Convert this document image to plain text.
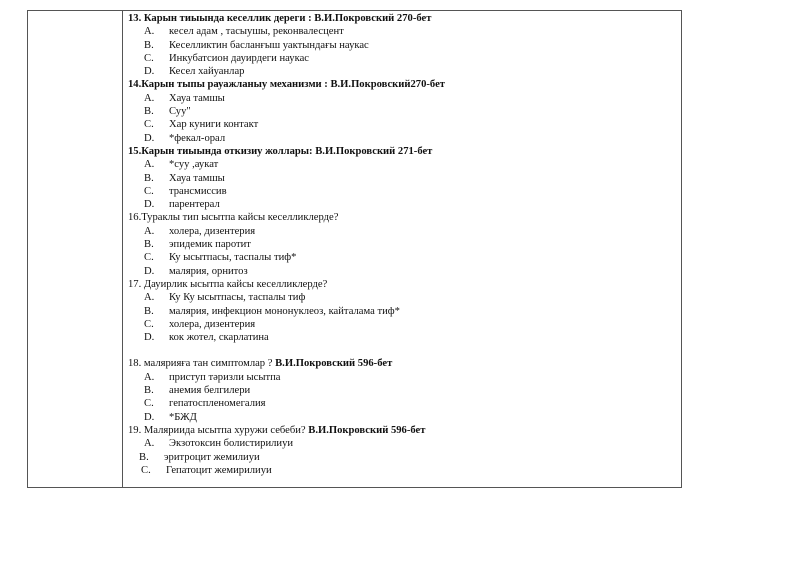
13. Карын тиыында кеселлик дереги : В.И.Покровский 270-бет
A. кесел адам , тасыушы, реконвалесцент
B. Кеселликтин басланғыш уактындағы наукас
C. Инкубатсион дауирдеги наукас
D. Кесел хайуанлар
14.Карын тыпы рауажланыу механизми : В.И.Покровский270-бет
A. Хауа тамшы
B. Суу"
C. Хар куниги контакт
D. *фекал-орал
15.Карын тиыында откизиу жоллары: В.И.Покровский 271-бет
A. *суу ,аукат
B. Хауа тамшы
C. трансмиссив
D. парентерал
16.Тураклы тип ысытпа кайсы кеселликлерде?
A. холера, дизентерия
B. эпидемик паротит
C. Ку ысытпасы, таспалы тиф*
D. малярия, орнитоз
17. Дауирлик ысытпа кайсы кеселликлерде?
A. Ку Ку ысытпасы, таспалы тиф
B. малярия, инфекцион мононуклеоз, кайталама тиф*
C. холера, дизентерия
D. кок жотел, скарлатина
18. малярияға тан симптомлар ? В.И.Покровский 596-бет
A. приступ тәризли ысытпа
B. анемия белгилери
C. гепатоспленомегалия
D. *БЖД
19. Маляриида ысытпа хуружи себеби? В.И.Покровский 596-бет
A. Экзотоксин болистирилиуи
B. эритроцит жемилиуи
C. Гепатоцит жемирилиуи
